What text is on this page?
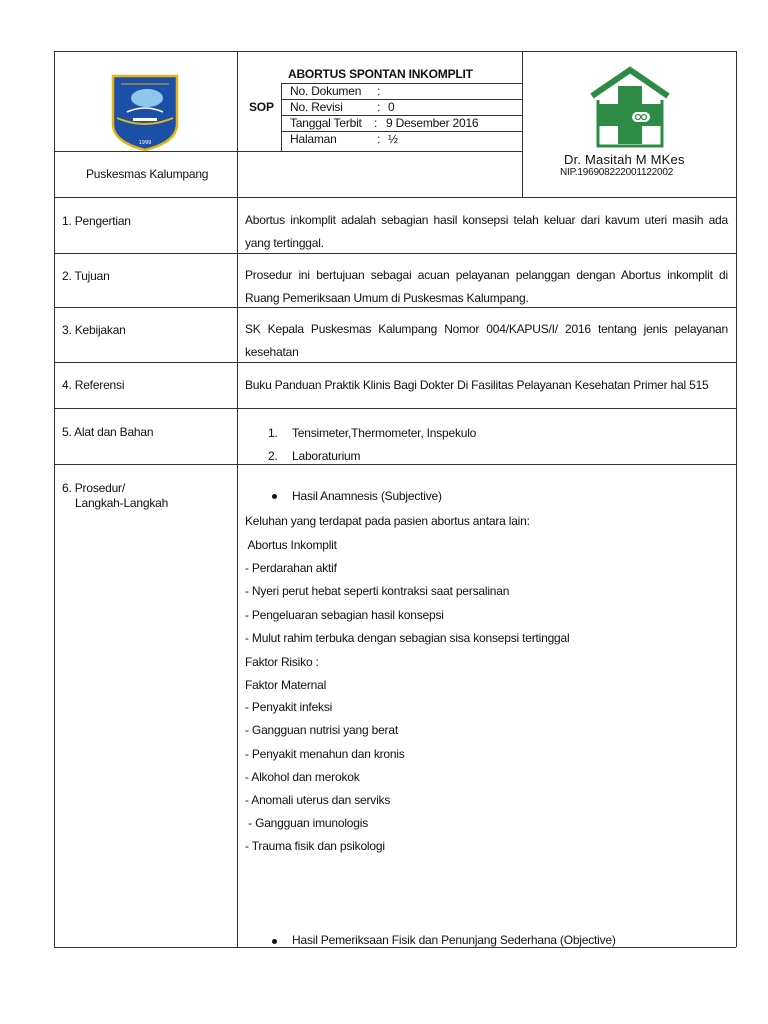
1999
SOP
ABORTUS SPONTAN INKOMPLIT
No. Dokumen :
No. Revisi	: 0
Tanggal Terbit : 9 Desember 2016
Halaman	: ½
Puskesmas Kalumpang
Dr. Masitah M MKes
NIP.196908222001122002
1. Pengertian	Abortus inkomplit adalah sebagian hasil konsepsi telah keluar dari kavum uteri masih ada yang tertinggal.
2. Tujuan	Prosedur ini bertujuan sebagai acuan pelayanan pelanggan dengan Abortus inkomplit di Ruang Pemeriksaan Umum di Puskesmas Kalumpang.
3. Kebijakan	SK Kepala Puskesmas Kalumpang Nomor 004/KAPUS/I/ 2016 tentang jenis pelayanan kesehatan
4. Referensi	Buku Panduan Praktik Klinis Bagi Dokter Di Fasilitas Pelayanan Kesehatan Primer hal 515
5. Alat dan Bahan	1. Tensimeter,Thermometer, Inspekulo
2. Laboraturium
6. Prosedur/
Langkah-Langkah	Hasil Anamnesis (Subjective)
Keluhan yang terdapat pada pasien abortus antara lain:
Abortus Inkomplit
- Perdarahan aktif
- Nyeri perut hebat seperti kontraksi saat persalinan
- Pengeluaran sebagian hasil konsepsi
- Mulut rahim terbuka dengan sebagian sisa konsepsi tertinggal
Faktor Risiko :
Faktor Maternal
- Penyakit infeksi
- Gangguan nutrisi yang berat
- Penyakit menahun dan kronis
- Alkohol dan merokok
- Anomali uterus dan serviks
- Gangguan imunologis
- Trauma fisik dan psikologi
Hasil Pemeriksaan Fisik dan Penunjang Sederhana (Objective)
